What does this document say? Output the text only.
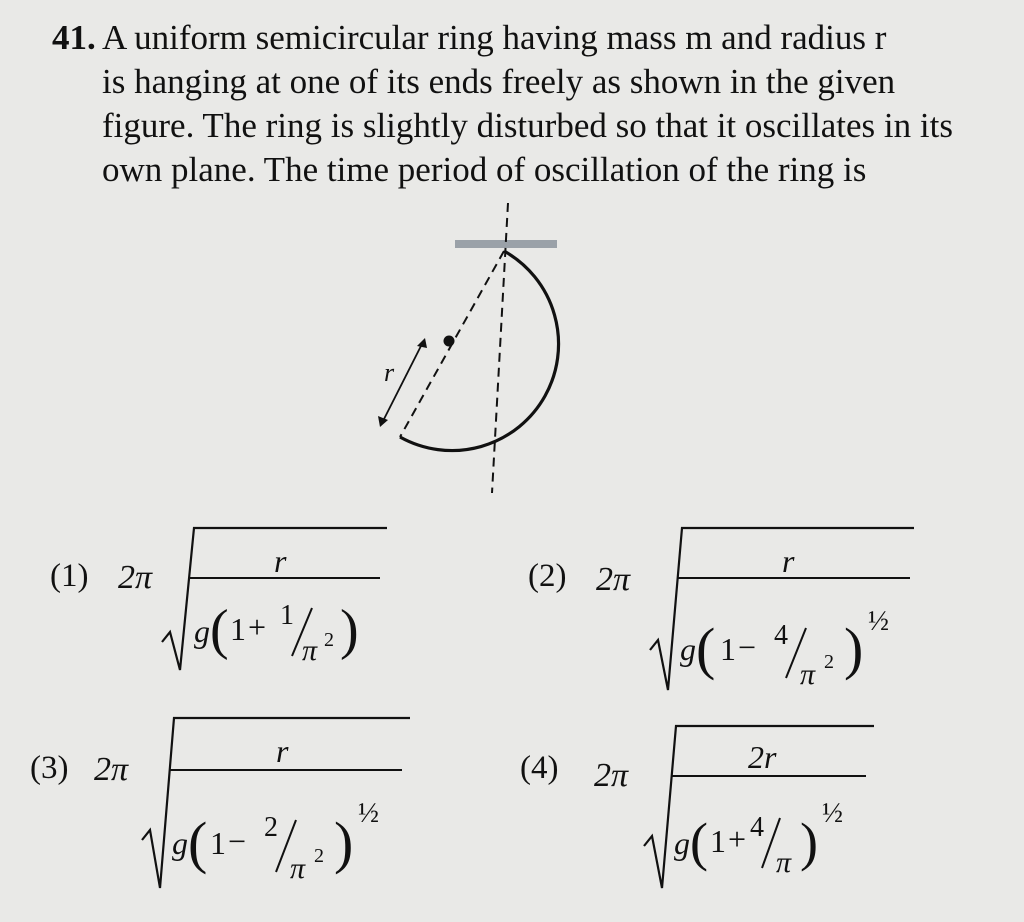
41. A uniform semicircular ring having mass m and radius r
is hanging at one of its ends freely as shown in the given
figure. The ring is slightly disturbed so that it oscillates in its
own plane. The time period of oscillation of the ring is
r
(1) 2π	r
g ( 1 + 1
π 2 )
(2) 2π	r
g ( 1 − 4
π 2 ) ½
(3) 2π	r
g ( 1 − 2
π 2 ) ½
(4) 2π	2r
g ( 1 + 4
π ) ½
